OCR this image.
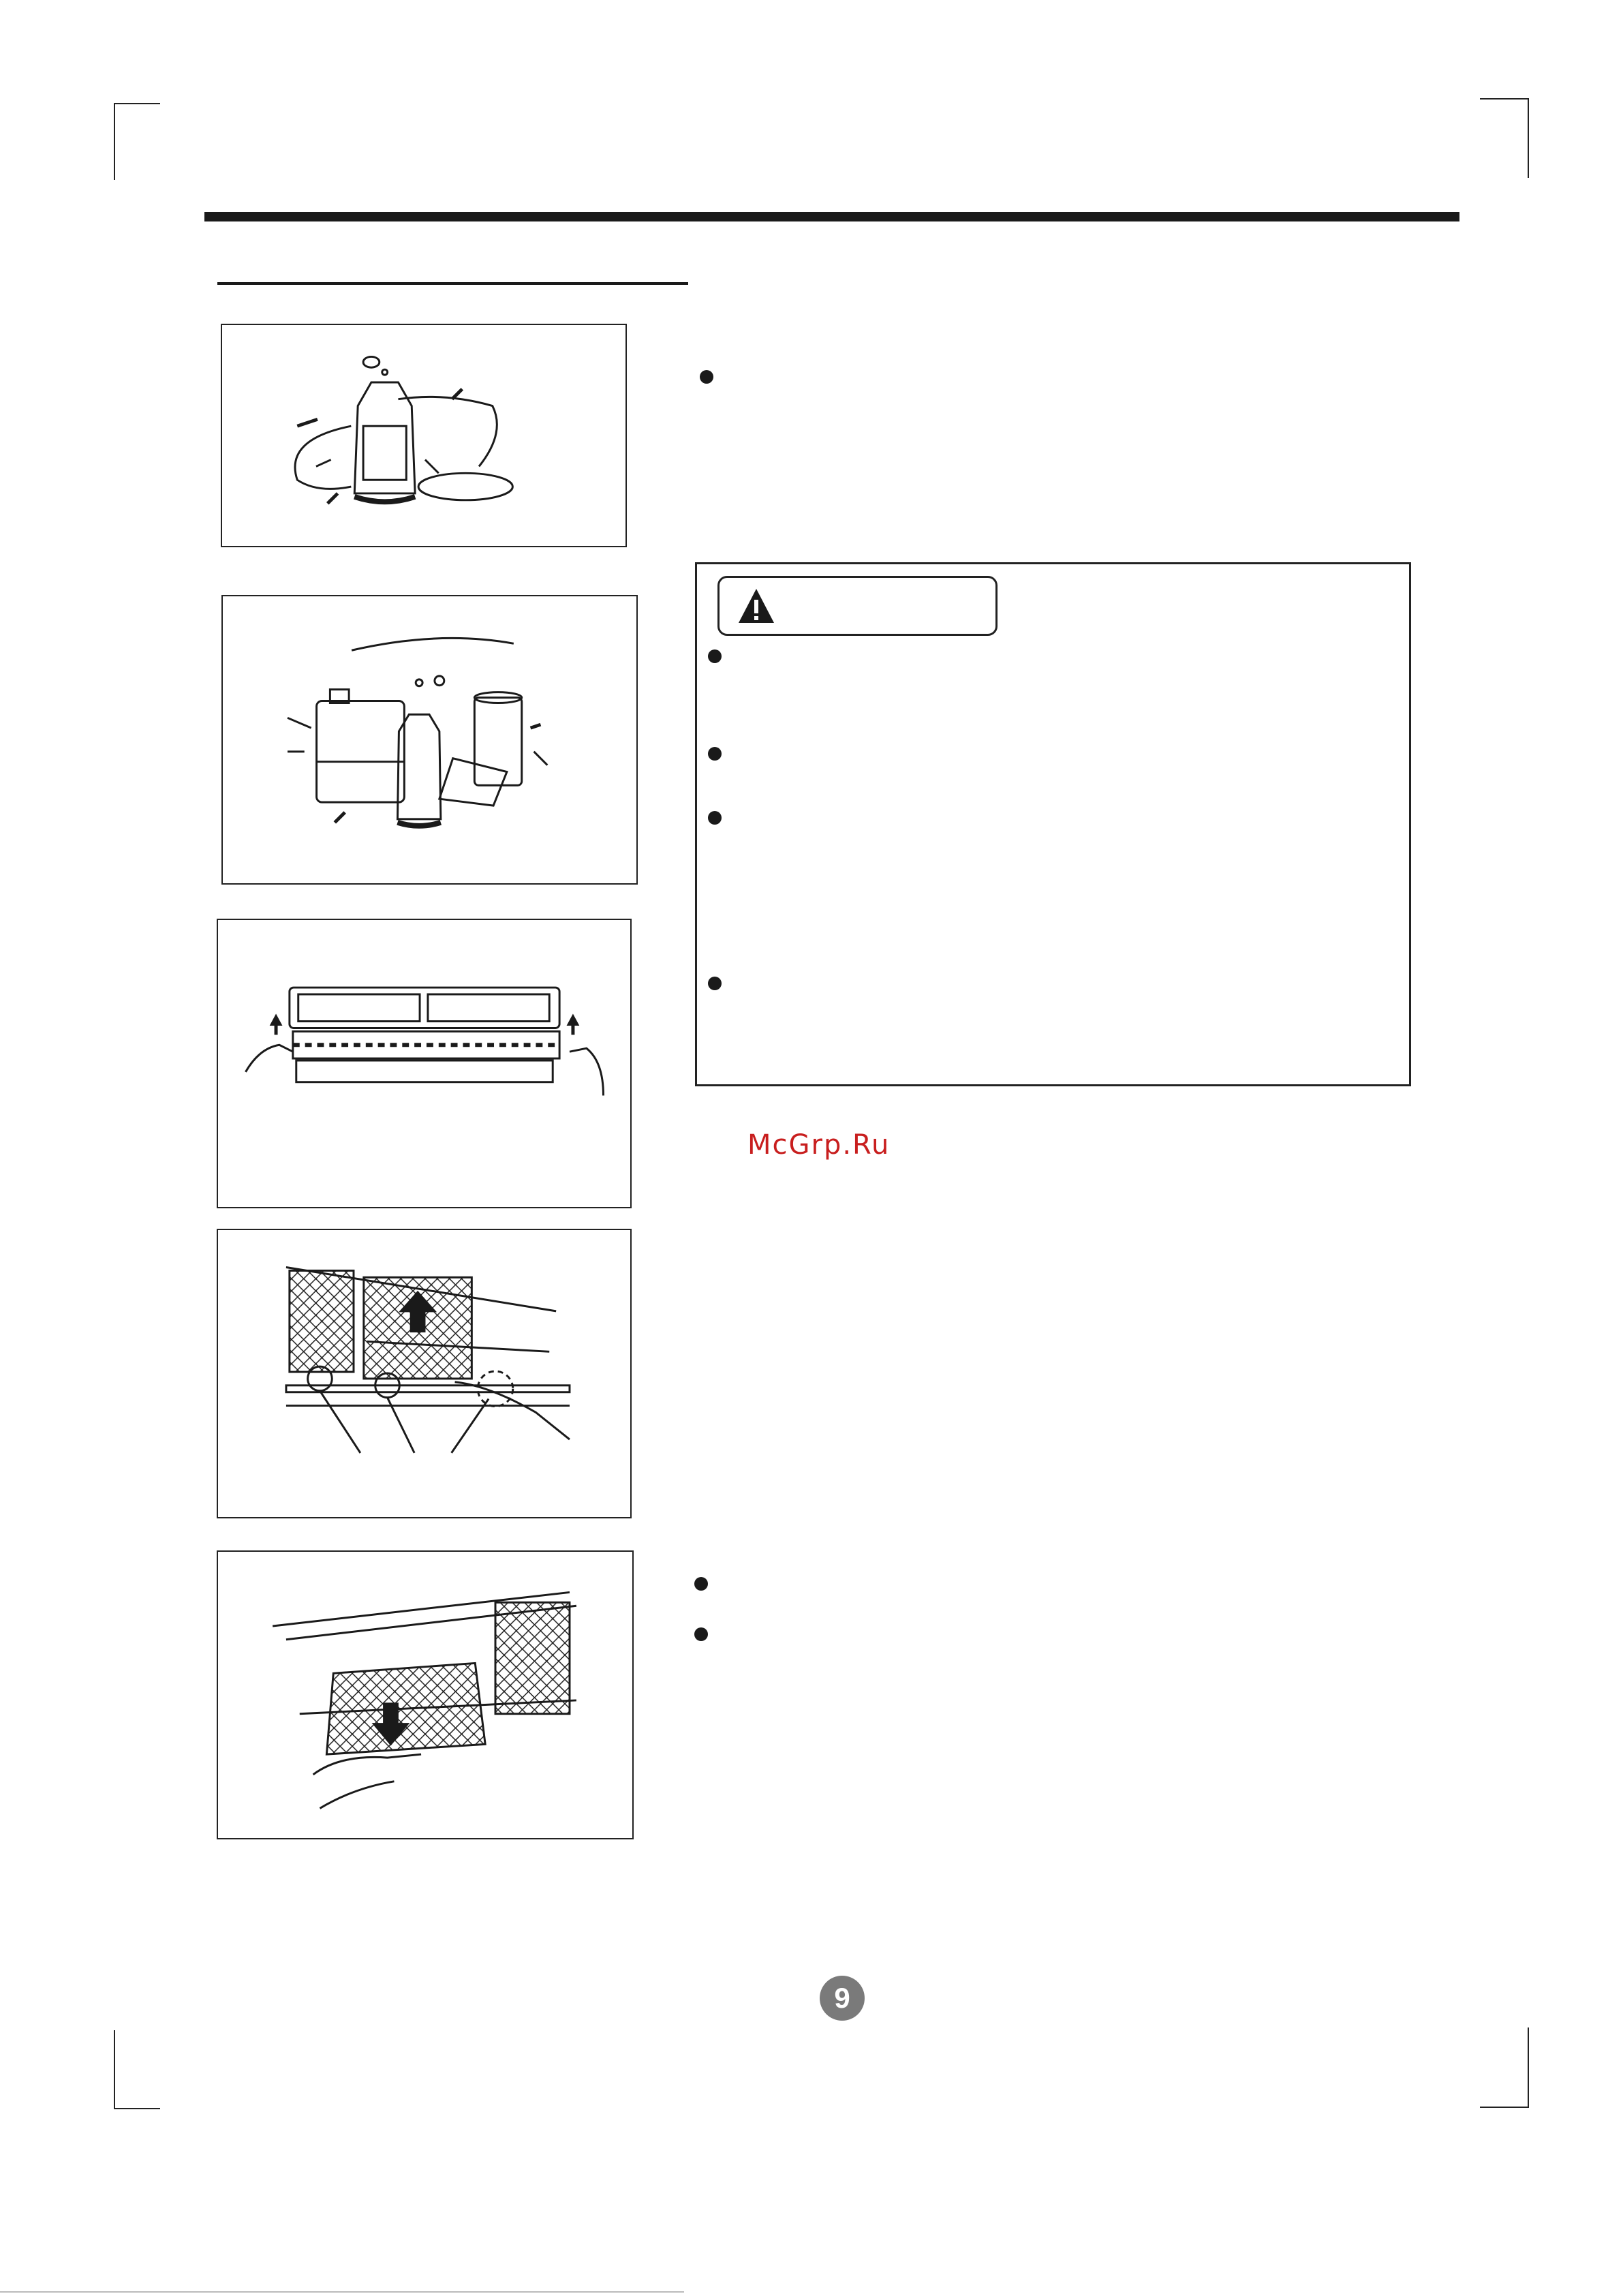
McGrp.Ru
9
